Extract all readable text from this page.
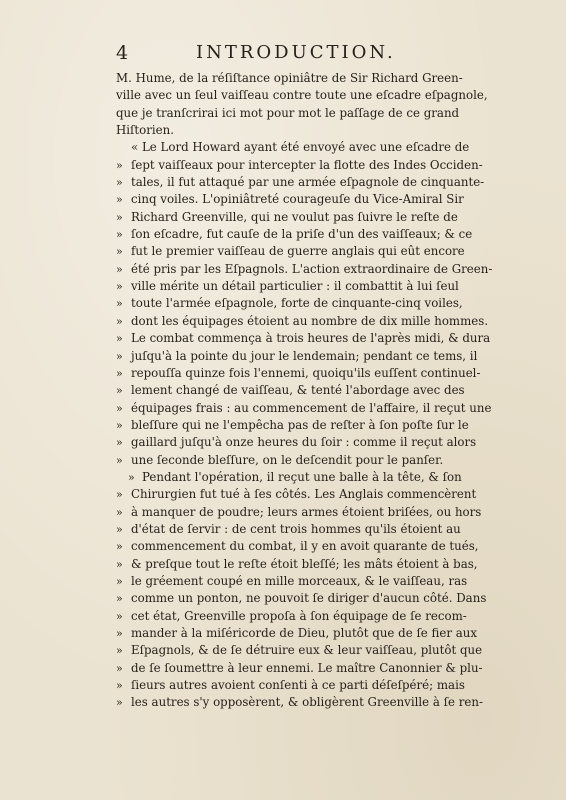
4	INTRODUCTION.
M. Hume, de la réſiſtance opiniâtre de Sir Richard Green-
ville avec un ſeul vaiſſeau contre toute une eſcadre eſpagnole,
que je tranſcrirai ici mot pour mot le paſſage de ce grand
Hiſtorien.
« Le Lord Howard ayant été envoyé avec une eſcadre de
» ſept vaiſſeaux pour intercepter la flotte des Indes Occiden-
» tales, il fut attaqué par une armée eſpagnole de cinquante-
» cinq voiles. L'opiniâtreté courageuſe du Vice-Amiral Sir
» Richard Greenville, qui ne voulut pas ſuivre le reſte de
» ſon eſcadre, fut cauſe de la priſe d'un des vaiſſeaux; & ce
» fut le premier vaiſſeau de guerre anglais qui eût encore
» été pris par les Eſpagnols. L'action extraordinaire de Green-
» ville mérite un détail particulier : il combattit à lui ſeul
» toute l'armée eſpagnole, forte de cinquante-cinq voiles,
» dont les équipages étoient au nombre de dix mille hommes.
» Le combat commença à trois heures de l'après midi, & dura
» juſqu'à la pointe du jour le lendemain; pendant ce tems, il
» repouſſa quinze fois l'ennemi, quoiqu'ils euſſent continuel-
» lement changé de vaiſſeau, & tenté l'abordage avec des
» équipages frais : au commencement de l'affaire, il reçut une
» bleſſure qui ne l'empêcha pas de reſter à ſon poſte ſur le
» gaillard juſqu'à onze heures du ſoir : comme il reçut alors
» une ſeconde bleſſure, on le deſcendit pour le panſer.
» Pendant l'opération, il reçut une balle à la tête, & ſon
» Chirurgien fut tué à ſes côtés. Les Anglais commencèrent
» à manquer de poudre; leurs armes étoient briſées, ou hors
» d'état de ſervir : de cent trois hommes qu'ils étoient au
» commencement du combat, il y en avoit quarante de tués,
» & preſque tout le reſte étoit bleſſé; les mâts étoient à bas,
» le gréement coupé en mille morceaux, & le vaiſſeau, ras
» comme un ponton, ne pouvoit ſe diriger d'aucun côté. Dans
» cet état, Greenville propoſa à ſon équipage de ſe recom-
» mander à la miſéricorde de Dieu, plutôt que de ſe fier aux
» Eſpagnols, & de ſe détruire eux & leur vaiſſeau, plutôt que
» de ſe ſoumettre à leur ennemi. Le maître Canonnier & plu-
» ſieurs autres avoient conſenti à ce parti déſeſpéré; mais
» les autres s'y opposèrent, & obligèrent Greenville à ſe ren-
